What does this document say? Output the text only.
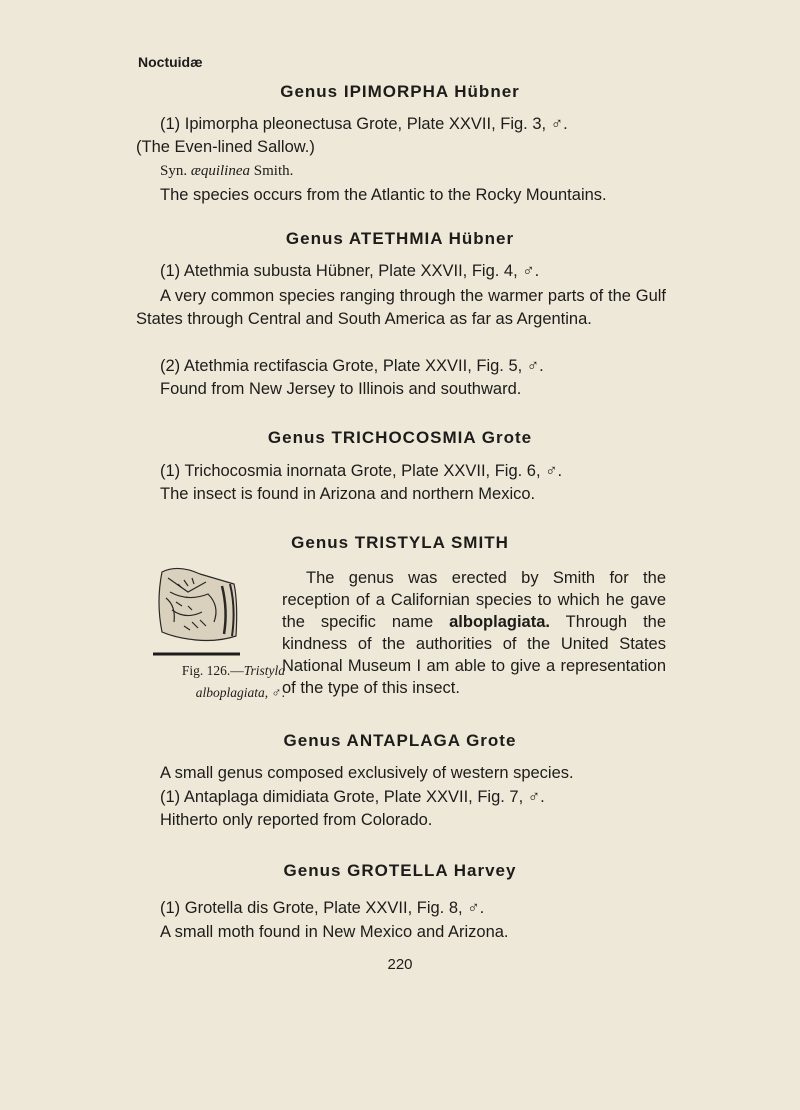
Noctuidæ
Genus IPIMORPHA Hübner
(1) Ipimorpha pleonectusa Grote, Plate XXVII, Fig. 3, ♂.
(The Even-lined Sallow.)
Syn. æquilinea Smith.
The species occurs from the Atlantic to the Rocky Mountains.
Genus ATETHMIA Hübner
(1) Atethmia subusta Hübner, Plate XXVII, Fig. 4, ♂.
A very common species ranging through the warmer parts of the Gulf States through Central and South America as far as Argentina.
(2) Atethmia rectifascia Grote, Plate XXVII, Fig. 5, ♂.
Found from New Jersey to Illinois and southward.
Genus TRICHOCOSMIA Grote
(1) Trichocosmia inornata Grote, Plate XXVII, Fig. 6, ♂.
The insect is found in Arizona and northern Mexico.
Genus TRISTYLA SMITH
The genus was erected by Smith for the reception of a Californian species to which he gave the specific name alboplagiata. Through the kindness of the authorities of the United States National Museum I am able to give a representation of the type of this insect.
Fig. 126.—Tristyla
alboplagiata, ♂.
Genus ANTAPLAGA Grote
A small genus composed exclusively of western species.
(1) Antaplaga dimidiata Grote, Plate XXVII, Fig. 7, ♂.
Hitherto only reported from Colorado.
Genus GROTELLA Harvey
(1) Grotella dis Grote, Plate XXVII, Fig. 8, ♂.
A small moth found in New Mexico and Arizona.
220
